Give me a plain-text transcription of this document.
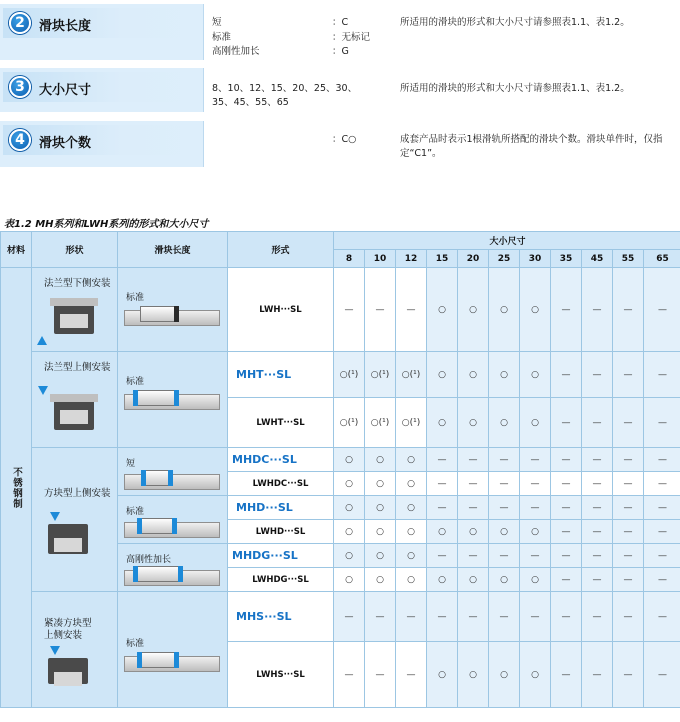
2	滑块长度	短	：C
标准	：无标记
高刚性加长	：G
所适用的滑块的形式和大小尺寸请参照表1.1、表1.2。
3	大小尺寸	8、10、12、15、20、25、30、
35、45、55、65
所适用的滑块的形式和大小尺寸请参照表1.1、表1.2。
4	滑块个数	：C○	成套产品时表示1根滑轨所搭配的滑块个数。滑块单件时，仅指
定“C1”。
表1.2 MH系列和LWH系列的形式和大小尺寸
材料	形状	滑块长度	形式	大小尺寸										
				8	10	12	15	20	25	30	35	45	55	65
不锈钢制	法兰型下侧安装	标准	LWH···SL	—	—	—	○	○	○	○	—	—	—	—

	法兰型上侧安装	标准	MHT···SL	○(¹)	○(¹)	○(¹)	○	○	○	○	—	—	—	—
			LWHT···SL	○(¹)	○(¹)	○(¹)	○	○	○	○	—	—	—	—

	方块型上侧安装	短	MHDC···SL	○	○	○	—	—	—	—	—	—	—	—
			LWHDC···SL	○	○	○	—	—	—	—	—	—	—	—

		标准	MHD···SL	○	○	○	—	—	—	—	—	—	—	—
			LWHD···SL	○	○	○	○	○	○	○	—	—	—	—

		高刚性加长	MHDG···SL	○	○	○	—	—	—	—	—	—	—	—
			LWHDG···SL	○	○	○	○	○	○	○	—	—	—	—

	紧凑方块型
上侧安装	标准	MHS···SL	—	—	—	—	—	—	—	—	—	—	—
			LWHS···SL	—	—	—	○	○	○	○	—	—	—	—
